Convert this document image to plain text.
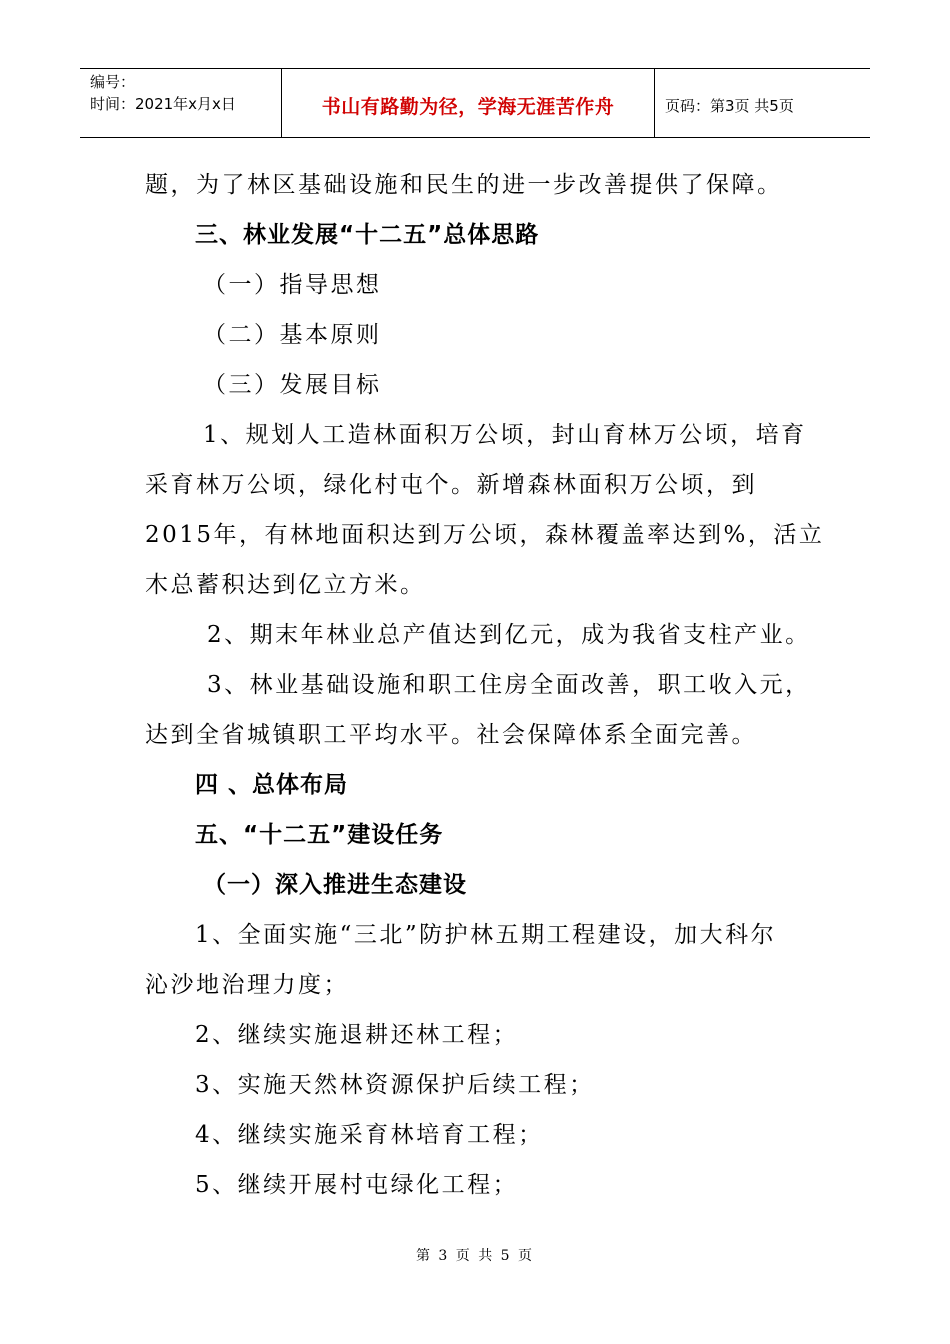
编号：
时间：2021年x月x日	书山有路勤为径，学海无涯苦作舟	页码：第3页 共5页
题，为了林区基础设施和民生的进一步改善提供了保障。
三、林业发展“十二五”总体思路
（一）指导思想
（二）基本原则
（三）发展目标
1、规划人工造林面积万公顷，封山育林万公顷，培育
采育林万公顷，绿化村屯个。新增森林面积万公顷，到
2015年，有林地面积达到万公顷，森林覆盖率达到%，活立
木总蓄积达到亿立方米。
2、期末年林业总产值达到亿元，成为我省支柱产业。
3、林业基础设施和职工住房全面改善，职工收入元，
达到全省城镇职工平均水平。社会保障体系全面完善。
四 、总体布局
五、“十二五”建设任务
（一）深入推进生态建设
1、全面实施“三北”防护林五期工程建设，加大科尔
沁沙地治理力度；
2、继续实施退耕还林工程；
3、实施天然林资源保护后续工程；
4、继续实施采育林培育工程；
5、继续开展村屯绿化工程；
第 3 页 共 5 页
